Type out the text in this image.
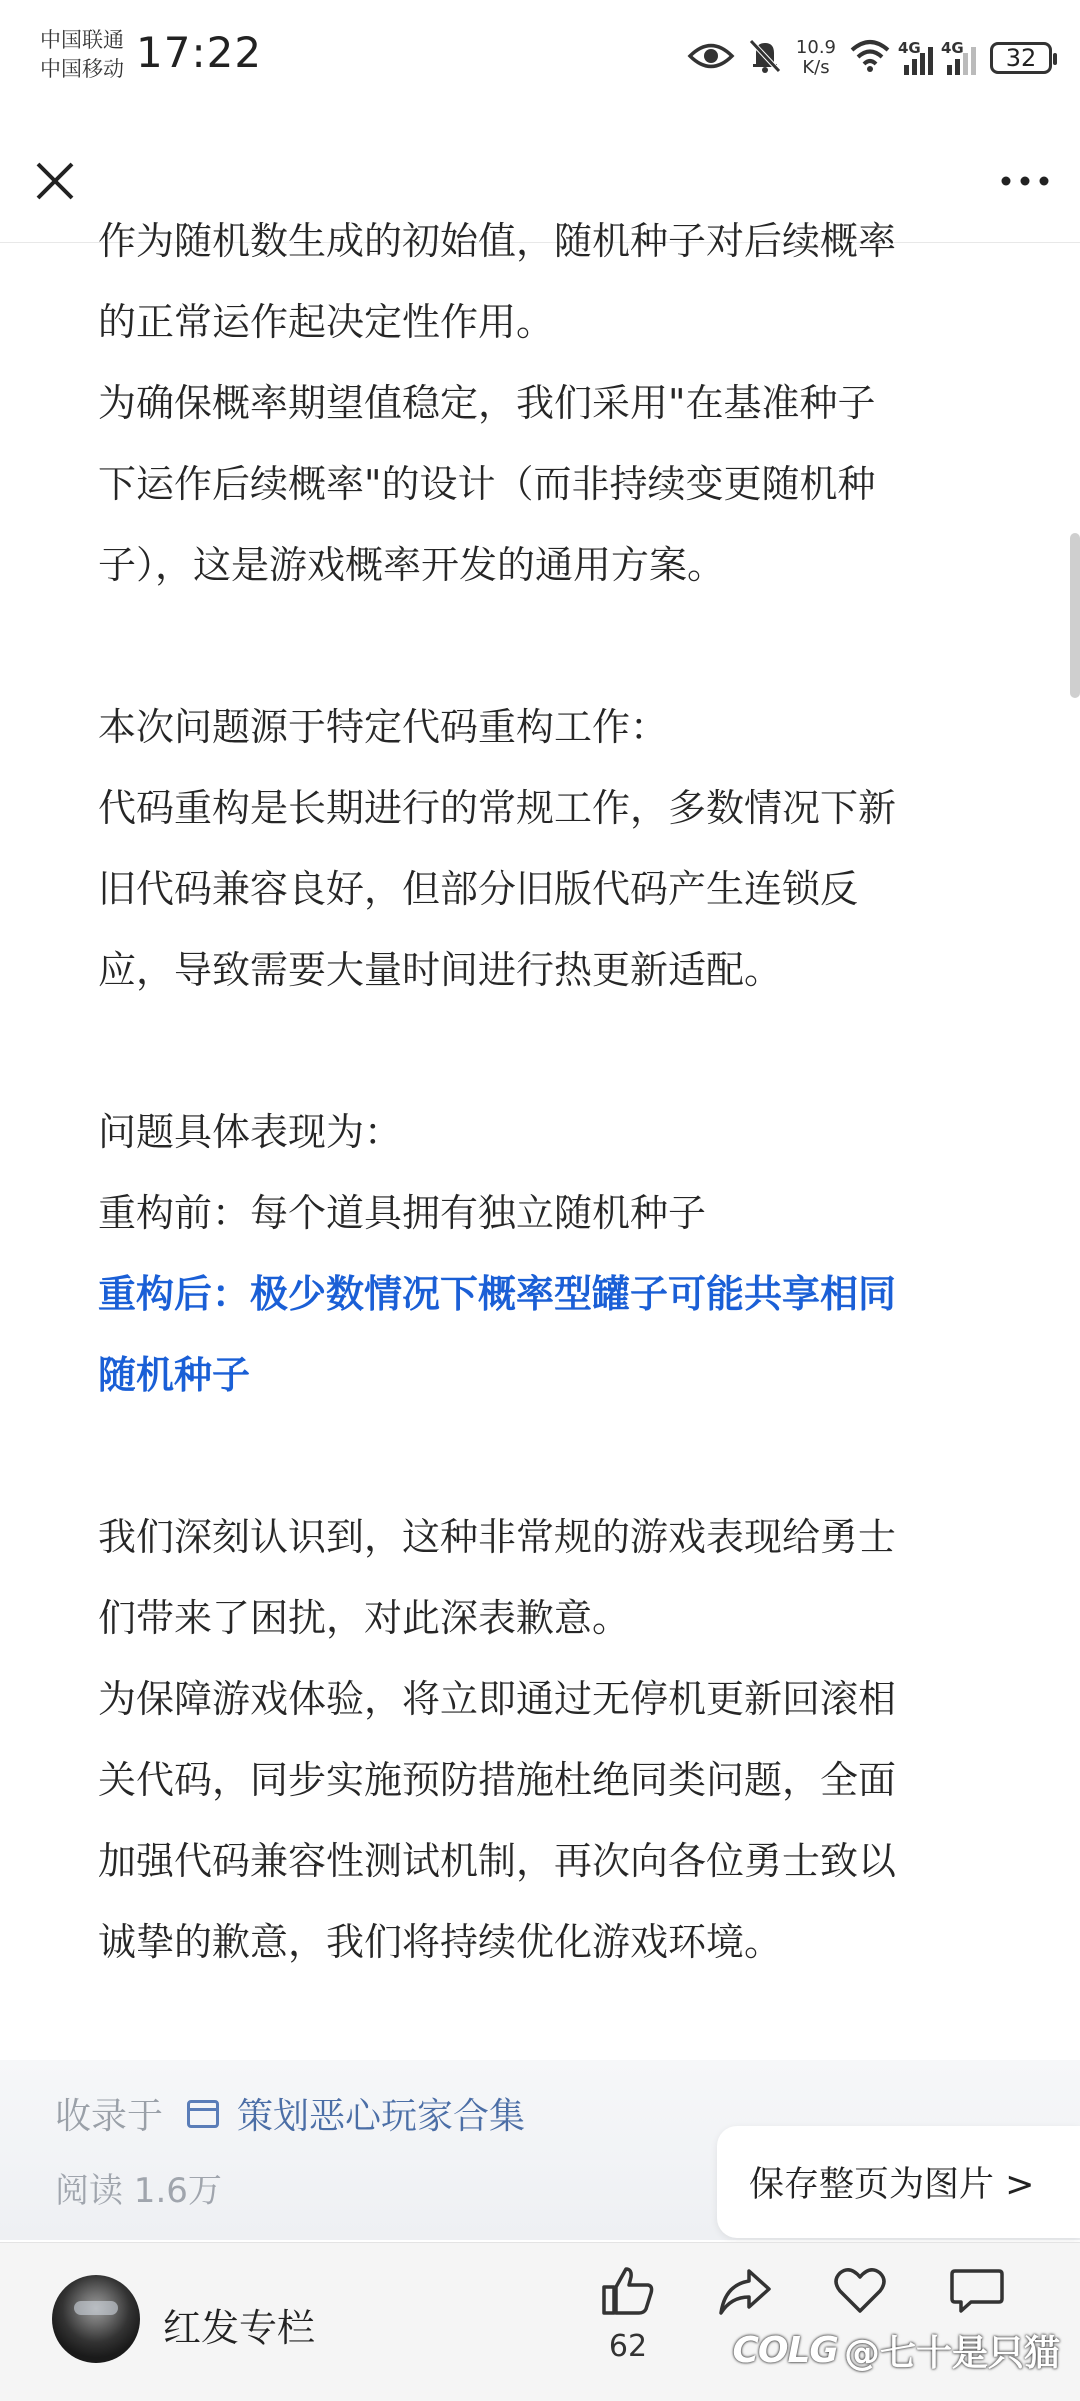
中国联通
中国移动 17:22	10.9
K/s
4G 4G 32

作为随机数生成的初始值，随机种子对后续概率

的正常运作起决定性作用。

为确保概率期望值稳定，我们采用"在基准种子

下运作后续概率"的设计（而非持续变更随机种

子），这是游戏概率开发的通用方案。

本次问题源于特定代码重构工作：

代码重构是长期进行的常规工作，多数情况下新

旧代码兼容良好，但部分旧版代码产生连锁反

应，导致需要大量时间进行热更新适配。

问题具体表现为：

重构前：每个道具拥有独立随机种子

重构后：极少数情况下概率型罐子可能共享相同

随机种子

我们深刻认识到，这种非常规的游戏表现给勇士

们带来了困扰，对此深表歉意。

为保障游戏体验，将立即通过无停机更新回滚相

关代码，同步实施预防措施杜绝同类问题，全面

加强代码兼容性测试机制，再次向各位勇士致以

诚挚的歉意，我们将持续优化游戏环境。

收录于 策划恶心玩家合集
阅读 1.6万	保存整页为图片 >
红发专栏	62	COLG @七十是只猫
